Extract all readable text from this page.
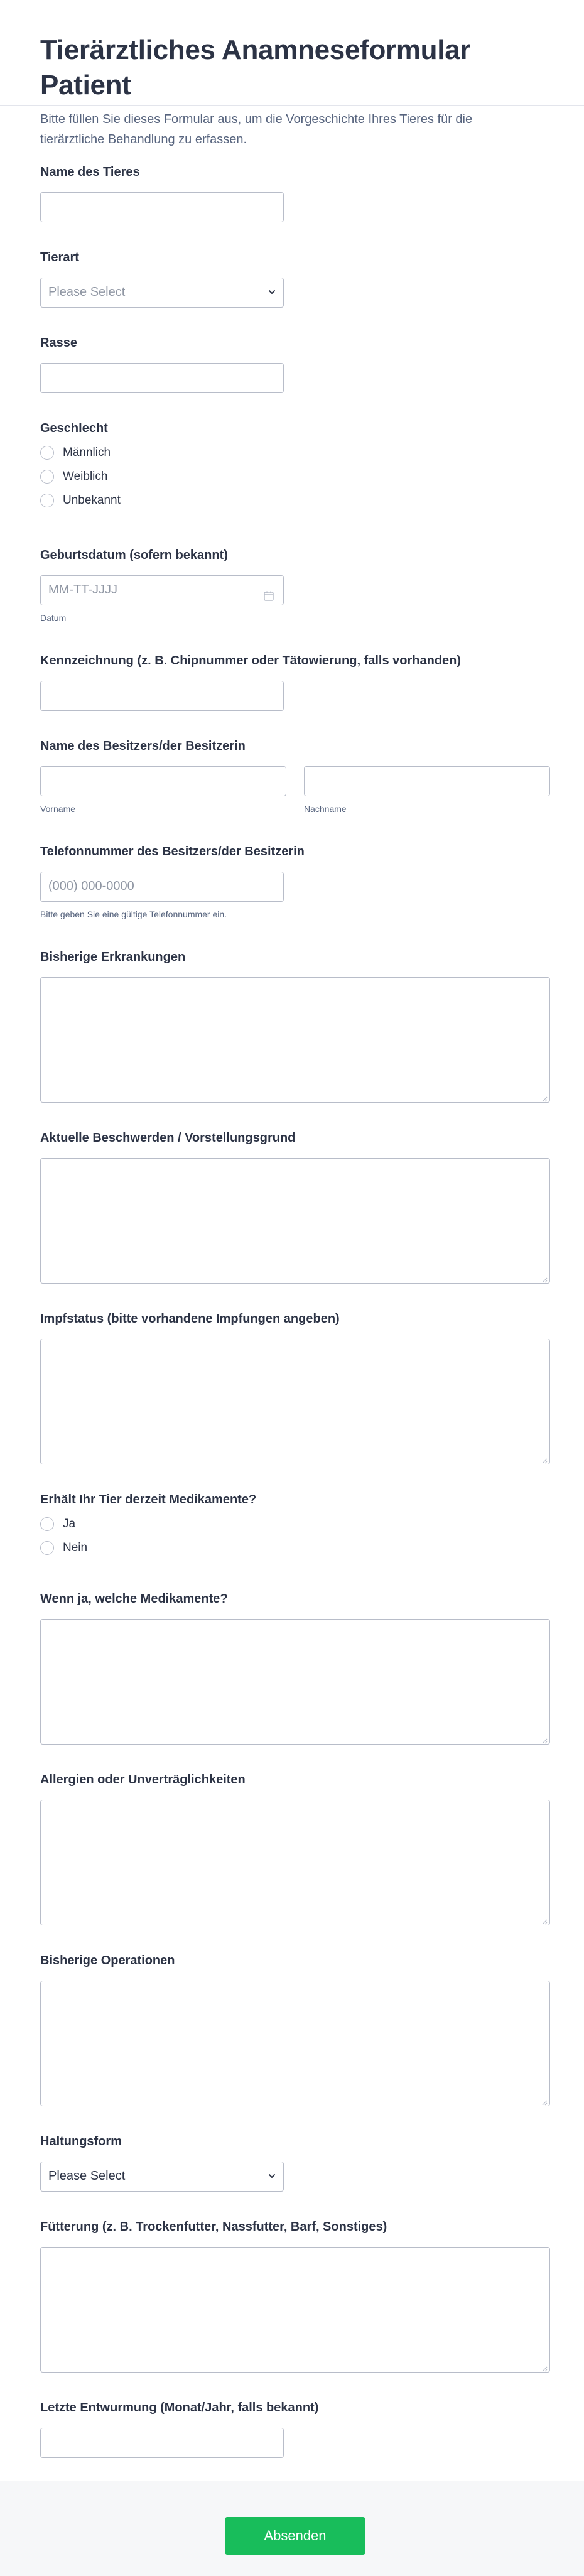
Tierärztliches Anamneseformular Patient
Bitte füllen Sie dieses Formular aus, um die Vorgeschichte Ihres Tieres für die tierärztliche Behandlung zu erfassen.
Name des Tieres
Tierart
Please Select
Rasse
Geschlecht
Männlich
Weiblich
Unbekannt
Geburtsdatum (sofern bekannt)
MM-TT-JJJJ
Datum
Kennzeichnung (z. B. Chipnummer oder Tätowierung, falls vorhanden)
Name des Besitzers/der Besitzerin
Vorname	Nachname
Telefonnummer des Besitzers/der Besitzerin
(000) 000-0000
Bitte geben Sie eine gültige Telefonnummer ein.
Bisherige Erkrankungen
Aktuelle Beschwerden / Vorstellungsgrund
Impfstatus (bitte vorhandene Impfungen angeben)
Erhält Ihr Tier derzeit Medikamente?
Ja
Nein
Wenn ja, welche Medikamente?
Allergien oder Unverträglichkeiten
Bisherige Operationen
Haltungsform
Please Select
Fütterung (z. B. Trockenfutter, Nassfutter, Barf, Sonstiges)
Letzte Entwurmung (Monat/Jahr, falls bekannt)
Absenden
